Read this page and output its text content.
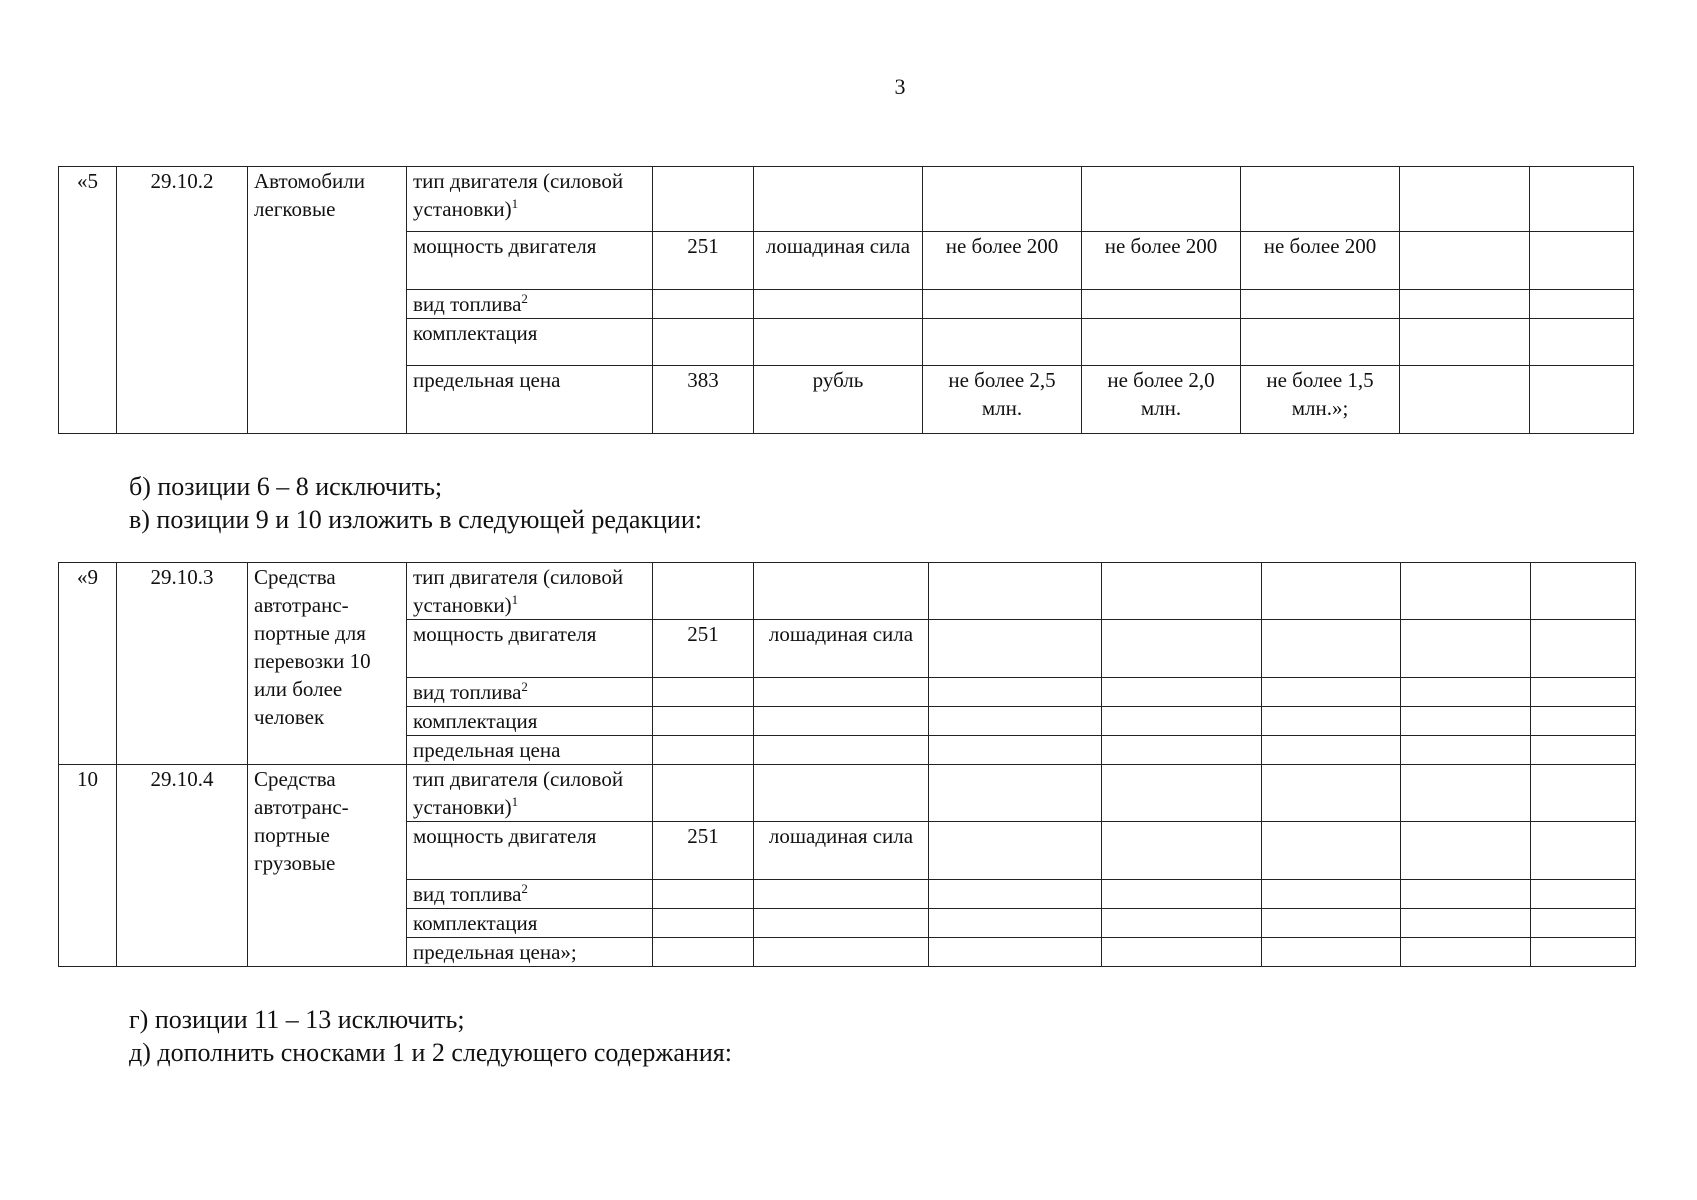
3
«5	29.10.2	Автомобили легковые	тип двигателя (силовой установки)$^1$							
			мощность двигателя	251	лошадиная сила	не более 200	не более 200	не более 200		
			вид топлива$^2$							
			комплектация							
			предельная цена	383	рубль	не более 2,5 млн.	не более 2,0 млн.	не более 1,5 млн.»;		
б) позиции 6 – 8 исключить;
в) позиции 9 и 10 изложить в следующей редакции:
«9	29.10.3	Средства автотранс-портные для перевозки 10 или более человек	тип двигателя (силовой установки)$^1$							
			мощность двигателя	251	лошадиная сила					
			вид топлива$^2$							
			комплектация							
			предельная цена							
10	29.10.4	Средства автотранс-портные грузовые	тип двигателя (силовой установки)$^1$							
			мощность двигателя	251	лошадиная сила					
			вид топлива$^2$							
			комплектация							
			предельная цена»;							
г) позиции 11 – 13 исключить;
д) дополнить сносками 1 и 2 следующего содержания:
